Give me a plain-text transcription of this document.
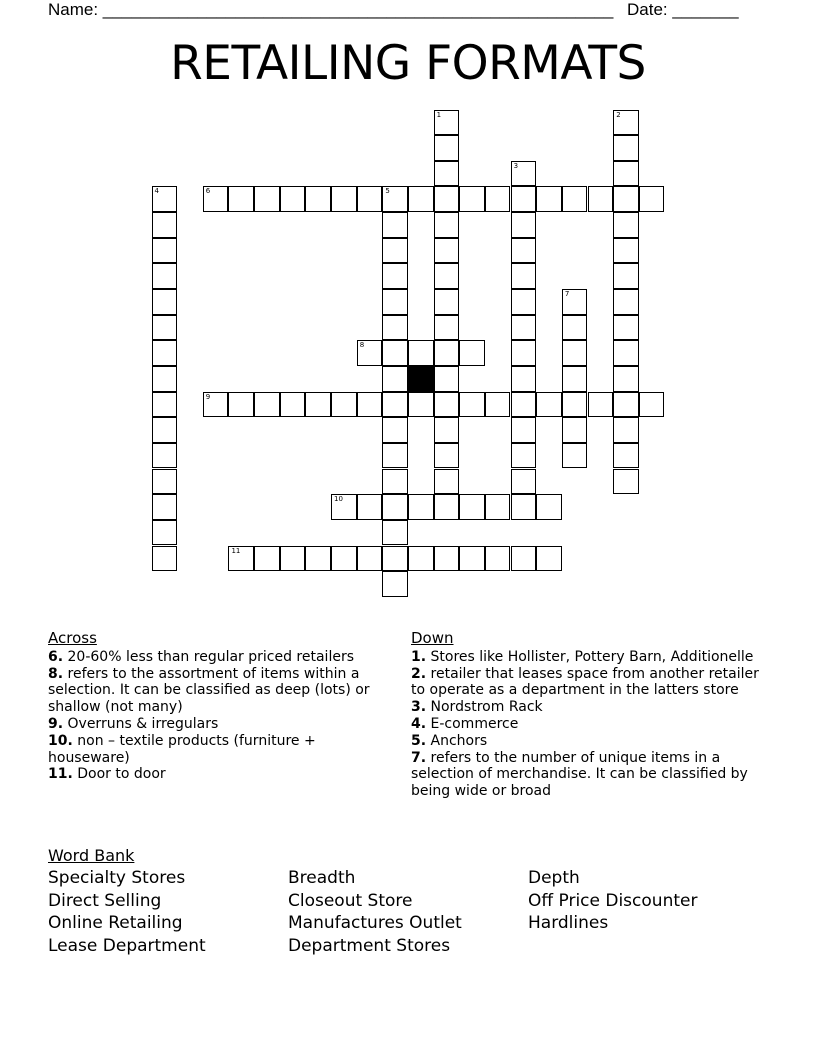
Name: ______________________________________________________ Date: _______
RETAILING FORMATS
6	5
8
9
10
11
1	2
3
4
7
Across
6. 20-60% less than regular priced retailers
8. refers to the assortment of items within a selection. It can be classified as deep (lots) or shallow (not many)
9. Overruns & irregulars
10. non – textile products (furniture + houseware)
11. Door to door
Down
1. Stores like Hollister, Pottery Barn, Additionelle
2. retailer that leases space from another retailer to operate as a department in the latters store
3. Nordstrom Rack
4. E-commerce
5. Anchors
7. refers to the number of unique items in a selection of merchandise. It can be classified by being wide or broad
Word Bank
Specialty Stores	Breadth	Depth
Direct Selling	Closeout Store	Off Price Discounter
Online Retailing	Manufactures Outlet	Hardlines
Lease Department	Department Stores
